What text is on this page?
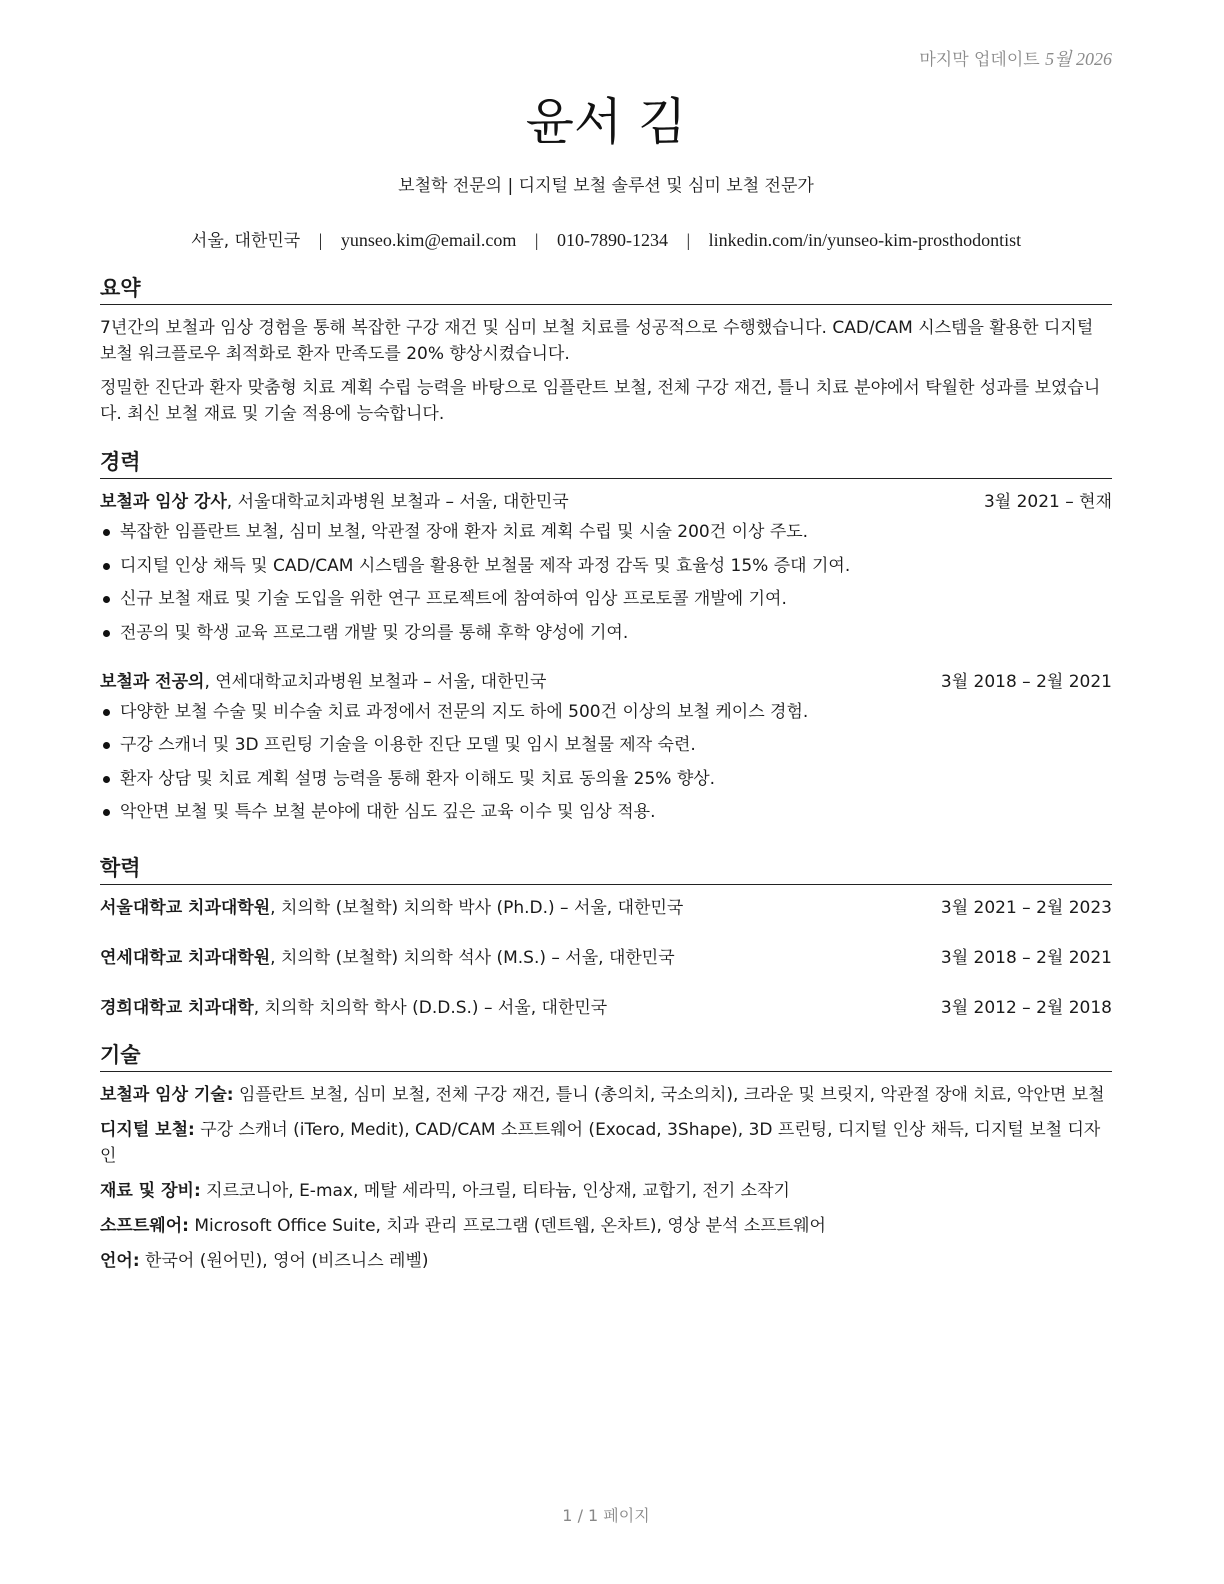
마지막 업데이트 5월 2026
윤서 김
보철학 전문의 | 디지털 보철 솔루션 및 심미 보철 전문가
서울, 대한민국 | yunseo.kim@email.com | 010-7890-1234 | linkedin.com/in/yunseo-kim-prosthodontist
요약

7년간의 보철과 임상 경험을 통해 복잡한 구강 재건 및 심미 보철 치료를 성공적으로 수행했습니다. CAD/CAM 시스템을 활용한 디지털 보철 워크플로우 최적화로 환자 만족도를 20% 향상시켰습니다.

정밀한 진단과 환자 맞춤형 치료 계획 수립 능력을 바탕으로 임플란트 보철, 전체 구강 재건, 틀니 치료 분야에서 탁월한 성과를 보였습니다. 최신 보철 재료 및 기술 적용에 능숙합니다.

경력
보철과 임상 강사, 서울대학교치과병원 보철과 – 서울, 대한민국	3월 2021 – 현재
복잡한 임플란트 보철, 심미 보철, 악관절 장애 환자 치료 계획 수립 및 시술 200건 이상 주도.
디지털 인상 채득 및 CAD/CAM 시스템을 활용한 보철물 제작 과정 감독 및 효율성 15% 증대 기여.
신규 보철 재료 및 기술 도입을 위한 연구 프로젝트에 참여하여 임상 프로토콜 개발에 기여.
전공의 및 학생 교육 프로그램 개발 및 강의를 통해 후학 양성에 기여.
보철과 전공의, 연세대학교치과병원 보철과 – 서울, 대한민국	3월 2018 – 2월 2021
다양한 보철 수술 및 비수술 치료 과정에서 전문의 지도 하에 500건 이상의 보철 케이스 경험.
구강 스캐너 및 3D 프린팅 기술을 이용한 진단 모델 및 임시 보철물 제작 숙련.
환자 상담 및 치료 계획 설명 능력을 통해 환자 이해도 및 치료 동의율 25% 향상.
악안면 보철 및 특수 보철 분야에 대한 심도 깊은 교육 이수 및 임상 적용.
학력
서울대학교 치과대학원, 치의학 (보철학) 치의학 박사 (Ph.D.) – 서울, 대한민국	3월 2021 – 2월 2023
연세대학교 치과대학원, 치의학 (보철학) 치의학 석사 (M.S.) – 서울, 대한민국	3월 2018 – 2월 2021
경희대학교 치과대학, 치의학 치의학 학사 (D.D.S.) – 서울, 대한민국	3월 2012 – 2월 2018
기술
보철과 임상 기술: 임플란트 보철, 심미 보철, 전체 구강 재건, 틀니 (총의치, 국소의치), 크라운 및 브릿지, 악관절 장애 치료, 악안면 보철
디지털 보철: 구강 스캐너 (iTero, Medit), CAD/CAM 소프트웨어 (Exocad, 3Shape), 3D 프린팅, 디지털 인상 채득, 디지털 보철 디자인
재료 및 장비: 지르코니아, E-max, 메탈 세라믹, 아크릴, 티타늄, 인상재, 교합기, 전기 소작기
소프트웨어: Microsoft Office Suite, 치과 관리 프로그램 (덴트웹, 온차트), 영상 분석 소프트웨어
언어: 한국어 (원어민), 영어 (비즈니스 레벨)
1 / 1 페이지
